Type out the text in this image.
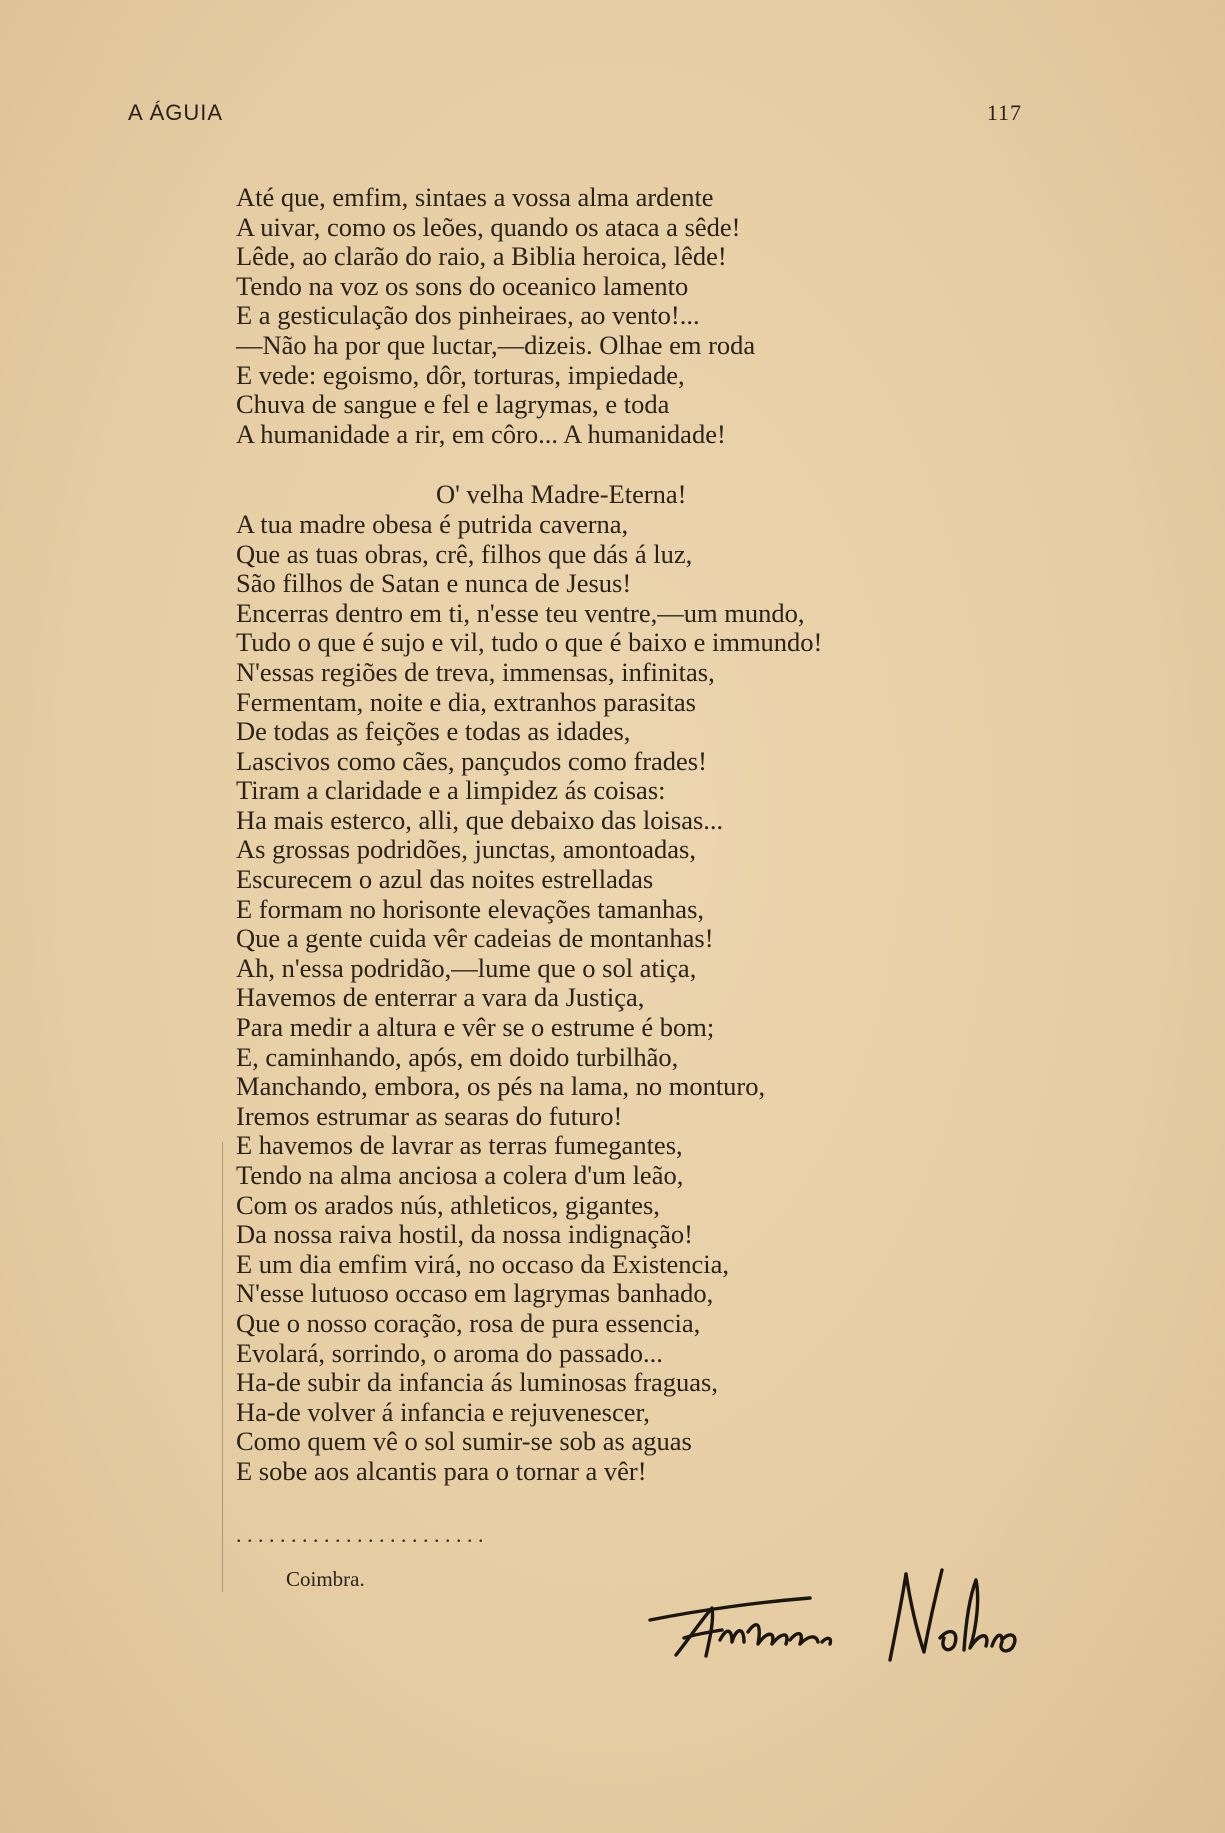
A ÁGUIA	117
Até que, emfim, sintaes a vossa alma ardente
A uivar, como os leões, quando os ataca a sêde!
Lêde, ao clarão do raio, a Biblia heroica, lêde!
Tendo na voz os sons do oceanico lamento
E a gesticulação dos pinheiraes, ao vento!...
—Não ha por que luctar,—dizeis. Olhae em roda
E vede: egoismo, dôr, torturas, impiedade,
Chuva de sangue e fel e lagrymas, e toda
A humanidade a rir, em côro... A humanidade!
O' velha Madre-Eterna!
A tua madre obesa é putrida caverna,
Que as tuas obras, crê, filhos que dás á luz,
São filhos de Satan e nunca de Jesus!
Encerras dentro em ti, n'esse teu ventre,—um mundo,
Tudo o que é sujo e vil, tudo o que é baixo e immundo!
N'essas regiões de treva, immensas, infinitas,
Fermentam, noite e dia, extranhos parasitas
De todas as feições e todas as idades,
Lascivos como cães, pançudos como frades!
Tiram a claridade e a limpidez ás coisas:
Ha mais esterco, alli, que debaixo das loisas...
As grossas podridões, junctas, amontoadas,
Escurecem o azul das noites estrelladas
E formam no horisonte elevações tamanhas,
Que a gente cuida vêr cadeias de montanhas!
Ah, n'essa podridão,—lume que o sol atiça,
Havemos de enterrar a vara da Justiça,
Para medir a altura e vêr se o estrume é bom;
E, caminhando, após, em doido turbilhão,
Manchando, embora, os pés na lama, no monturo,
Iremos estrumar as searas do futuro!
E havemos de lavrar as terras fumegantes,
Tendo na alma anciosa a colera d'um leão,
Com os arados nús, athleticos, gigantes,
Da nossa raiva hostil, da nossa indignação!
E um dia emfim virá, no occaso da Existencia,
N'esse lutuoso occaso em lagrymas banhado,
Que o nosso coração, rosa de pura essencia,
Evolará, sorrindo, o aroma do passado...
Ha-de subir da infancia ás luminosas fraguas,
Ha-de volver á infancia e rejuvenescer,
Como quem vê o sol sumir-se sob as aguas
E sobe aos alcantis para o tornar a vêr!
. . . . . . . . . . . . . . . . . . . . . . .
Coimbra.
